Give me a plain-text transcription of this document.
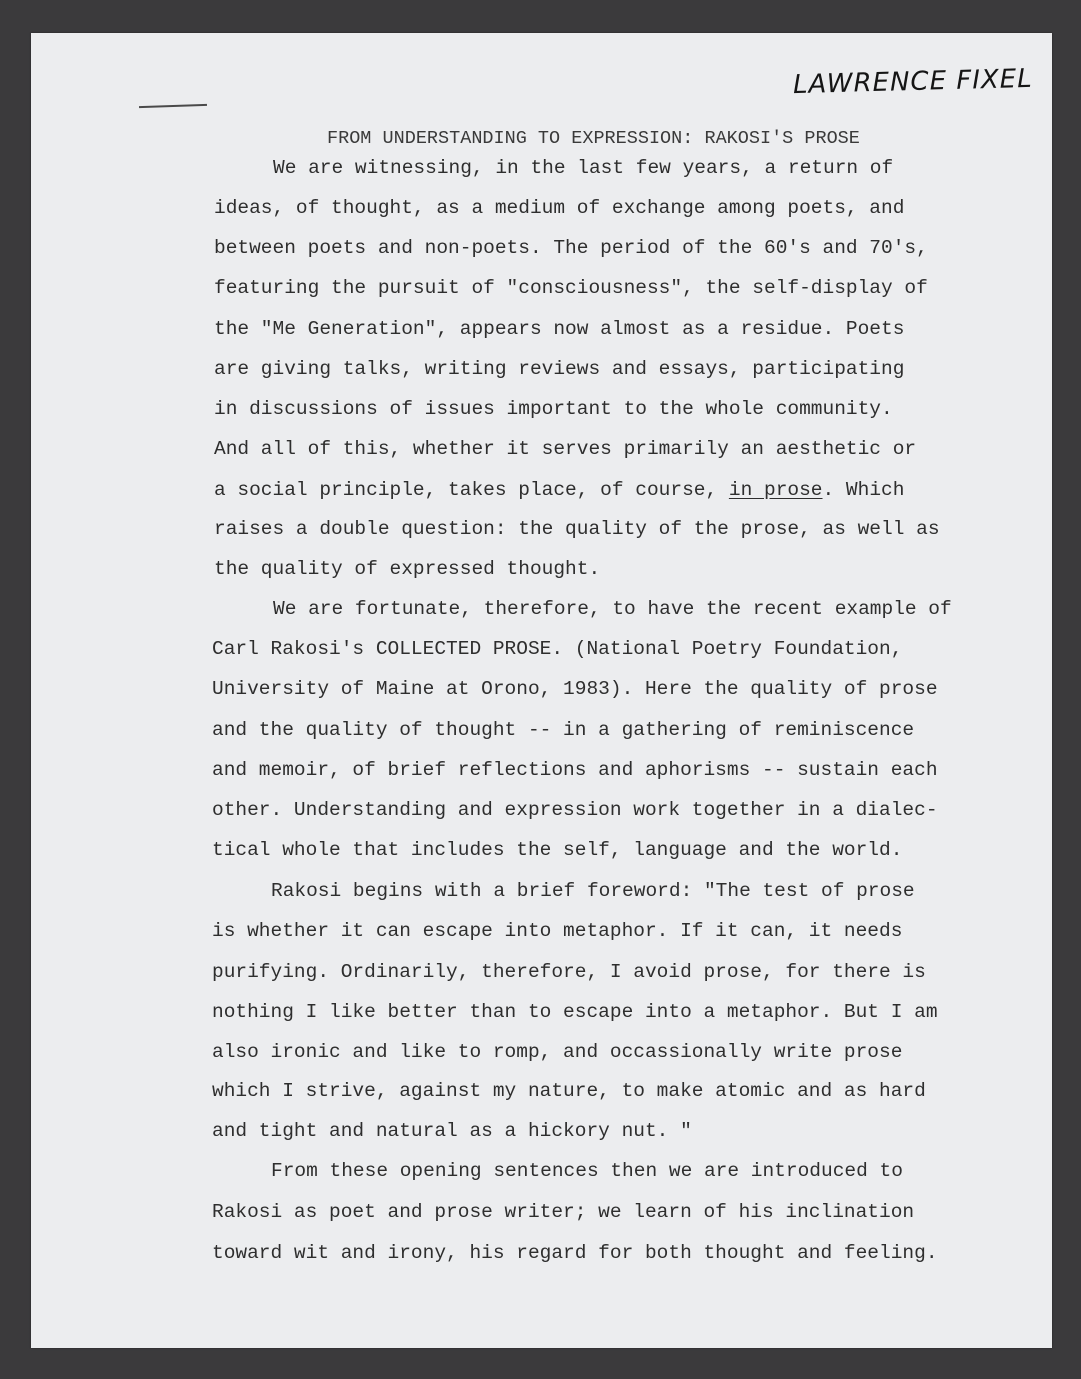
LAWRENCE FIXEL
FROM UNDERSTANDING TO EXPRESSION: RAKOSI'S PROSE
We are witnessing, in the last few years, a return of
ideas, of thought, as a medium of exchange among poets, and
between poets and non-poets. The period of the 60's and 70's,
featuring the pursuit of "consciousness", the self-display of
the "Me Generation", appears now almost as a residue. Poets
are giving talks, writing reviews and essays, participating
in discussions of issues important to the whole community.
And all of this, whether it serves primarily an aesthetic or
a social principle, takes place, of course, in prose. Which
raises a double question: the quality of the prose, as well as
the quality of expressed thought.
We are fortunate, therefore, to have the recent example of
Carl Rakosi's COLLECTED PROSE. (National Poetry Foundation,
University of Maine at Orono, 1983). Here the quality of prose
and the quality of thought -- in a gathering of reminiscence
and memoir, of brief reflections and aphorisms -- sustain each
other. Understanding and expression work together in a dialec-
tical whole that includes the self, language and the world.
Rakosi begins with a brief foreword: "The test of prose
is whether it can escape into metaphor. If it can, it needs
purifying. Ordinarily, therefore, I avoid prose, for there is
nothing I like better than to escape into a metaphor. But I am
also ironic and like to romp, and occassionally write prose
which I strive, against my nature, to make atomic and as hard
and tight and natural as a hickory nut. "
From these opening sentences then we are introduced to
Rakosi as poet and prose writer; we learn of his inclination
toward wit and irony, his regard for both thought and feeling.
